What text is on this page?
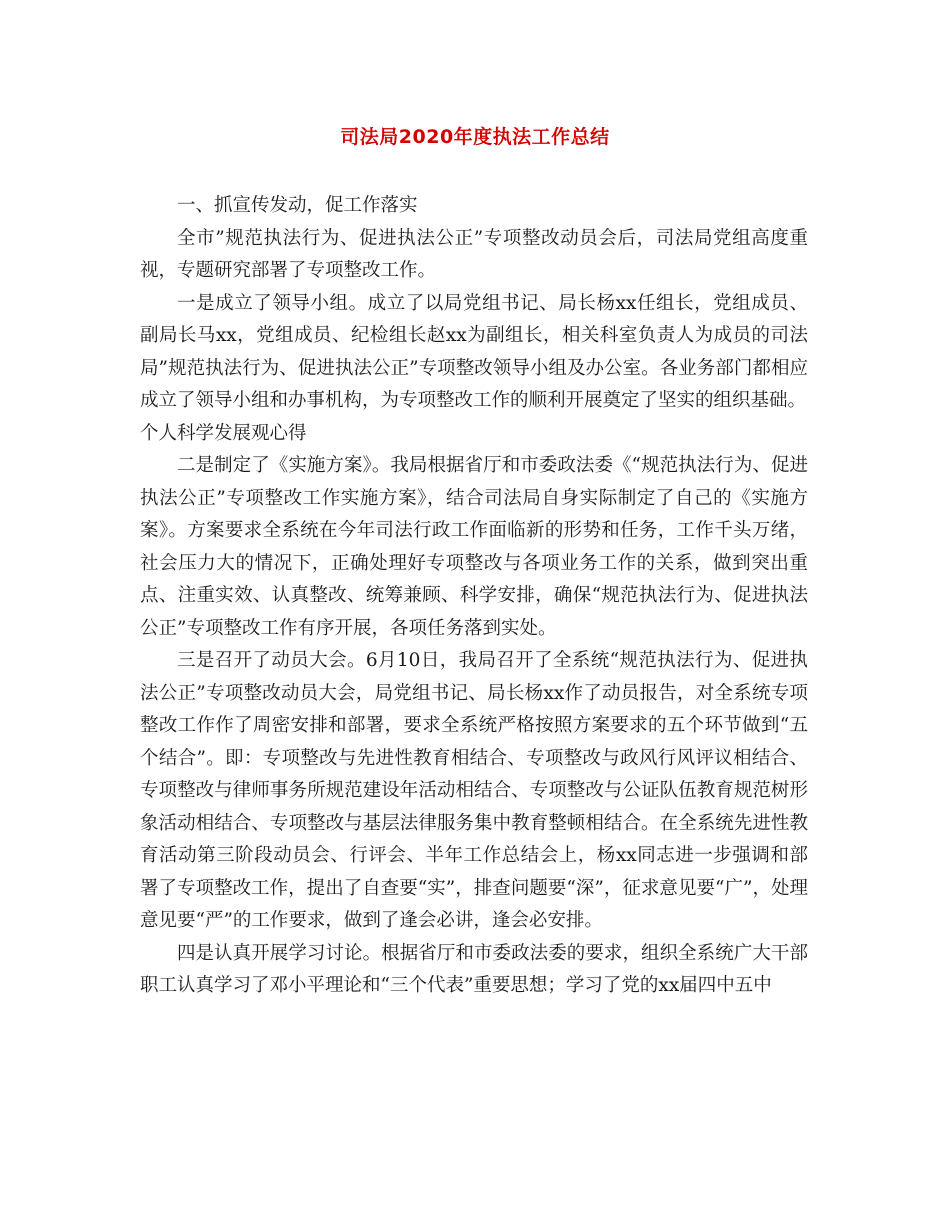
司法局2020年度执法工作总结

一、抓宣传发动，促工作落实

全市”规范执法行为、促进执法公正”专项整改动员会后，司法局党组高度重视，专题研究部署了专项整改工作。

一是成立了领导小组。成立了以局党组书记、局长杨xx任组长，党组成员、副局长马xx，党组成员、纪检组长赵xx为副组长，相关科室负责人为成员的司法局”规范执法行为、促进执法公正”专项整改领导小组及办公室。各业务部门都相应成立了领导小组和办事机构，为专项整改工作的顺利开展奠定了坚实的组织基础。

个人科学发展观心得

二是制定了《实施方案》。我局根据省厅和市委政法委《“规范执法行为、促进执法公正”专项整改工作实施方案》，结合司法局自身实际制定了自己的《实施方案》。方案要求全系统在今年司法行政工作面临新的形势和任务，工作千头万绪，社会压力大的情况下，正确处理好专项整改与各项业务工作的关系，做到突出重点、注重实效、认真整改、统筹兼顾、科学安排，确保“规范执法行为、促进执法公正”专项整改工作有序开展，各项任务落到实处。

三是召开了动员大会。6月10日，我局召开了全系统“规范执法行为、促进执法公正”专项整改动员大会，局党组书记、局长杨xx作了动员报告，对全系统专项整改工作作了周密安排和部署，要求全系统严格按照方案要求的五个环节做到“五个结合”。即：专项整改与先进性教育相结合、专项整改与政风行风评议相结合、专项整改与律师事务所规范建设年活动相结合、专项整改与公证队伍教育规范树形象活动相结合、专项整改与基层法律服务集中教育整顿相结合。在全系统先进性教育活动第三阶段动员会、行评会、半年工作总结会上，杨xx同志进一步强调和部署了专项整改工作，提出了自查要“实”，排查问题要“深”，征求意见要“广”，处理意见要“严”的工作要求，做到了逢会必讲，逢会必安排。

四是认真开展学习讨论。根据省厅和市委政法委的要求，组织全系统广大干部职工认真学习了邓小平理论和“三个代表”重要思想；学习了党的xx届四中五中
